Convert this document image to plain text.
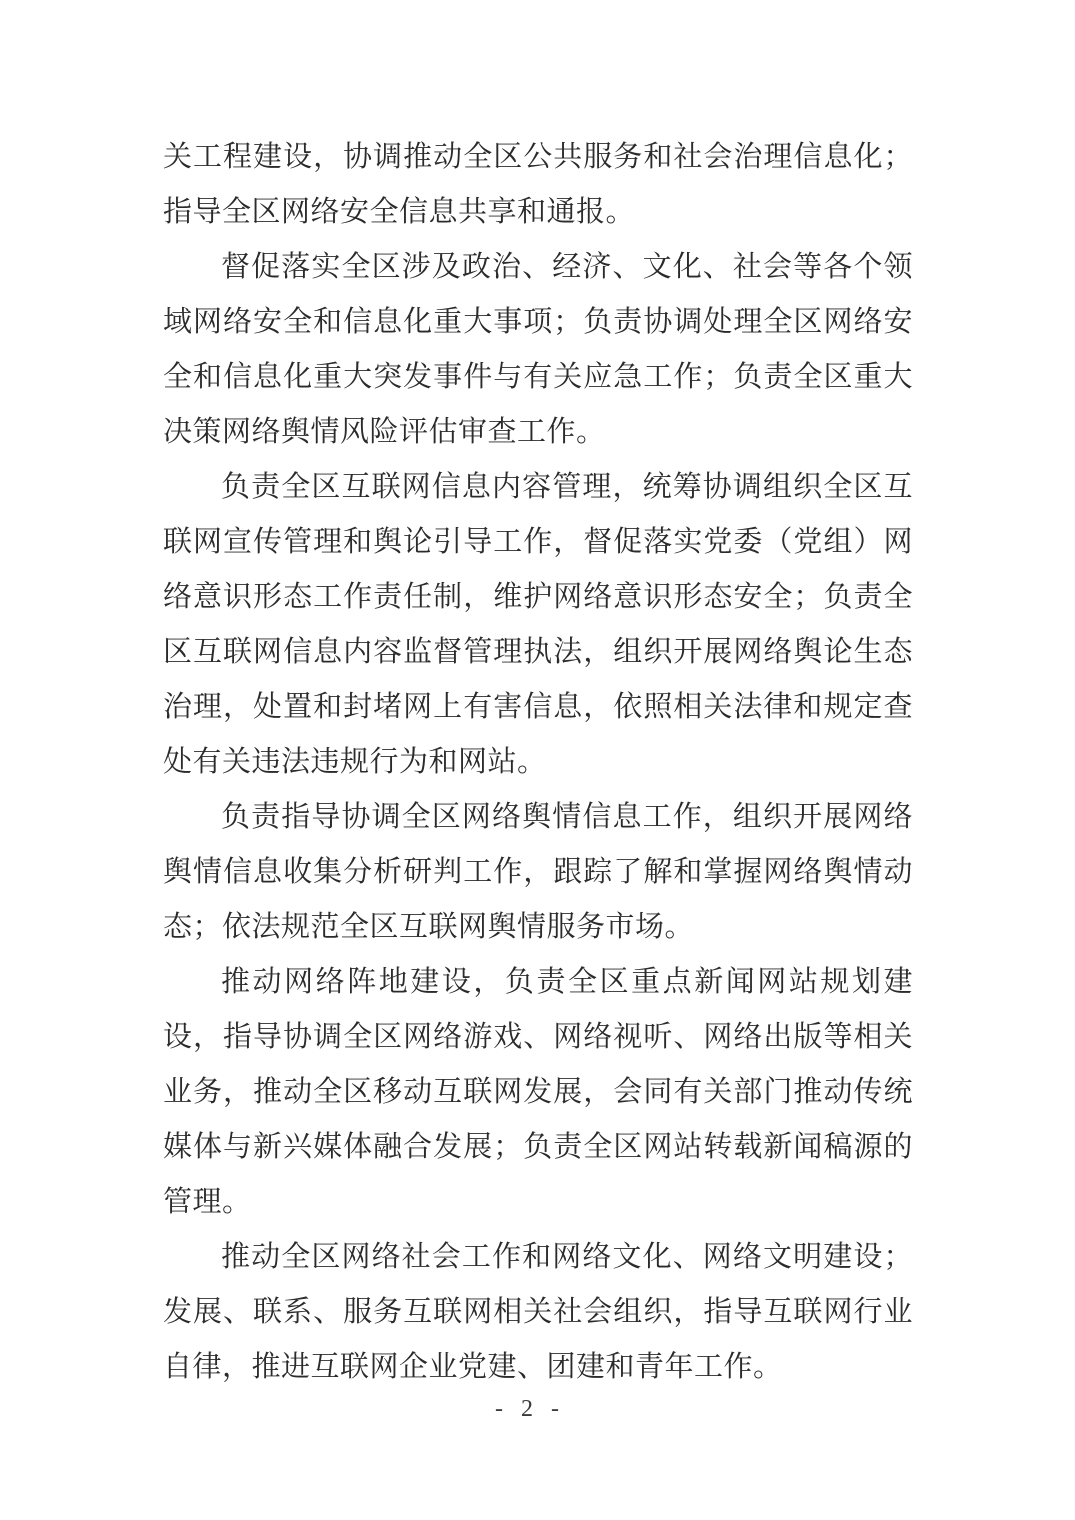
关工程建设，协调推动全区公共服务和社会治理信息化；指导全区网络安全信息共享和通报。

督促落实全区涉及政治、经济、文化、社会等各个领域网络安全和信息化重大事项；负责协调处理全区网络安全和信息化重大突发事件与有关应急工作；负责全区重大决策网络舆情风险评估审查工作。

负责全区互联网信息内容管理，统筹协调组织全区互联网宣传管理和舆论引导工作，督促落实党委（党组）网络意识形态工作责任制，维护网络意识形态安全；负责全区互联网信息内容监督管理执法，组织开展网络舆论生态治理，处置和封堵网上有害信息，依照相关法律和规定查处有关违法违规行为和网站。

负责指导协调全区网络舆情信息工作，组织开展网络舆情信息收集分析研判工作，跟踪了解和掌握网络舆情动态；依法规范全区互联网舆情服务市场。

推动网络阵地建设，负责全区重点新闻网站规划建设，指导协调全区网络游戏、网络视听、网络出版等相关业务，推动全区移动互联网发展，会同有关部门推动传统媒体与新兴媒体融合发展；负责全区网站转载新闻稿源的管理。

推动全区网络社会工作和网络文化、网络文明建设；发展、联系、服务互联网相关社会组织，指导互联网行业自律，推进互联网企业党建、团建和青年工作。

- 2 -
